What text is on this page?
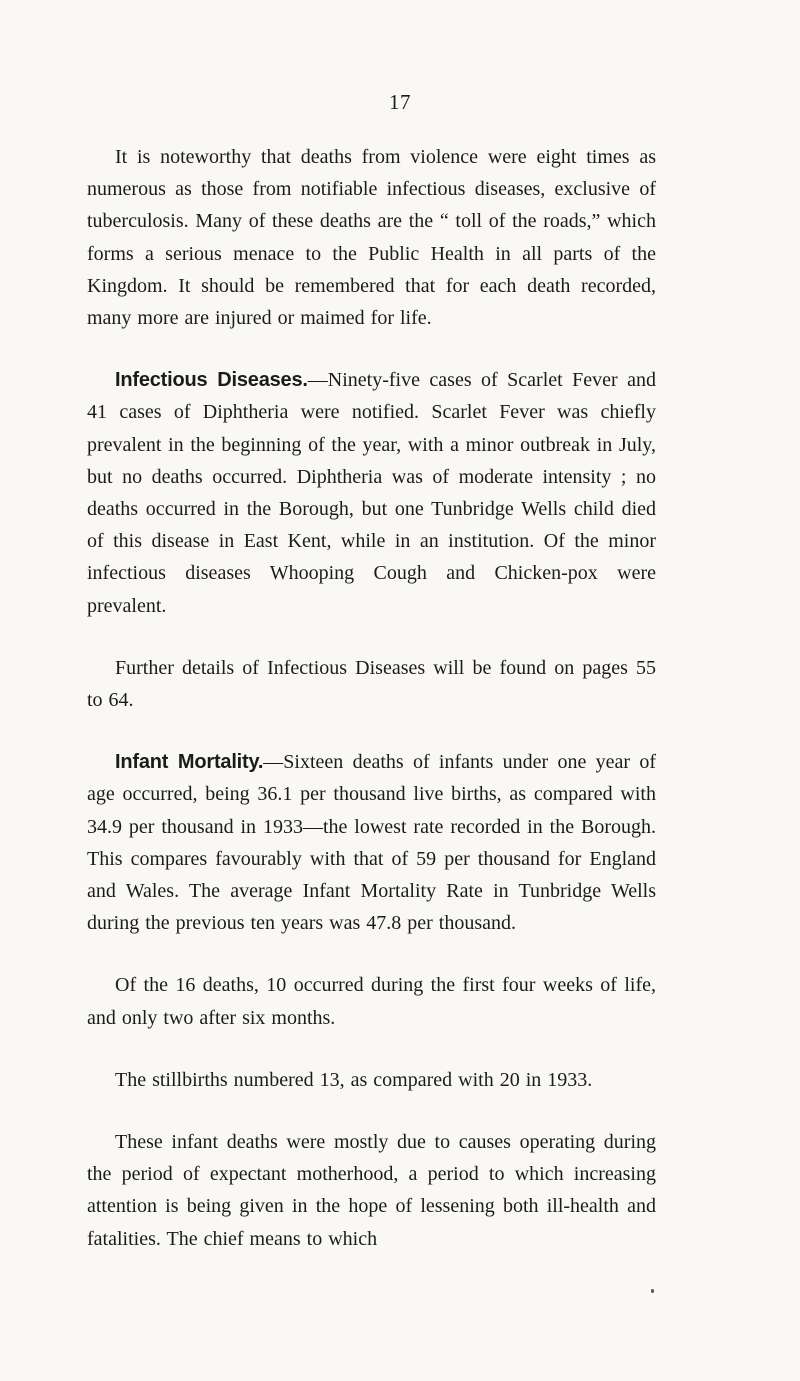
17

It is noteworthy that deaths from violence were eight times as numerous as those from notifiable infectious diseases, exclusive of tuberculosis. Many of these deaths are the “ toll of the roads,” which forms a serious menace to the Public Health in all parts of the Kingdom. It should be remembered that for each death recorded, many more are injured or maimed for life.

Infectious Diseases.—Ninety-five cases of Scarlet Fever and 41 cases of Diphtheria were notified. Scarlet Fever was chiefly prevalent in the beginning of the year, with a minor outbreak in July, but no deaths occurred. Diphtheria was of moderate intensity ; no deaths occurred in the Borough, but one Tunbridge Wells child died of this disease in East Kent, while in an institution. Of the minor infectious diseases Whooping Cough and Chicken-pox were prevalent.

Further details of Infectious Diseases will be found on pages 55 to 64.

Infant Mortality.—Sixteen deaths of infants under one year of age occurred, being 36.1 per thousand live births, as compared with 34.9 per thousand in 1933—the lowest rate recorded in the Borough. This compares favourably with that of 59 per thousand for England and Wales. The average Infant Mortality Rate in Tunbridge Wells during the previous ten years was 47.8 per thousand.

Of the 16 deaths, 10 occurred during the first four weeks of life, and only two after six months.

The stillbirths numbered 13, as compared with 20 in 1933.

These infant deaths were mostly due to causes operating during the period of expectant motherhood, a period to which increasing attention is being given in the hope of lessening both ill-health and fatalities. The chief means to which
